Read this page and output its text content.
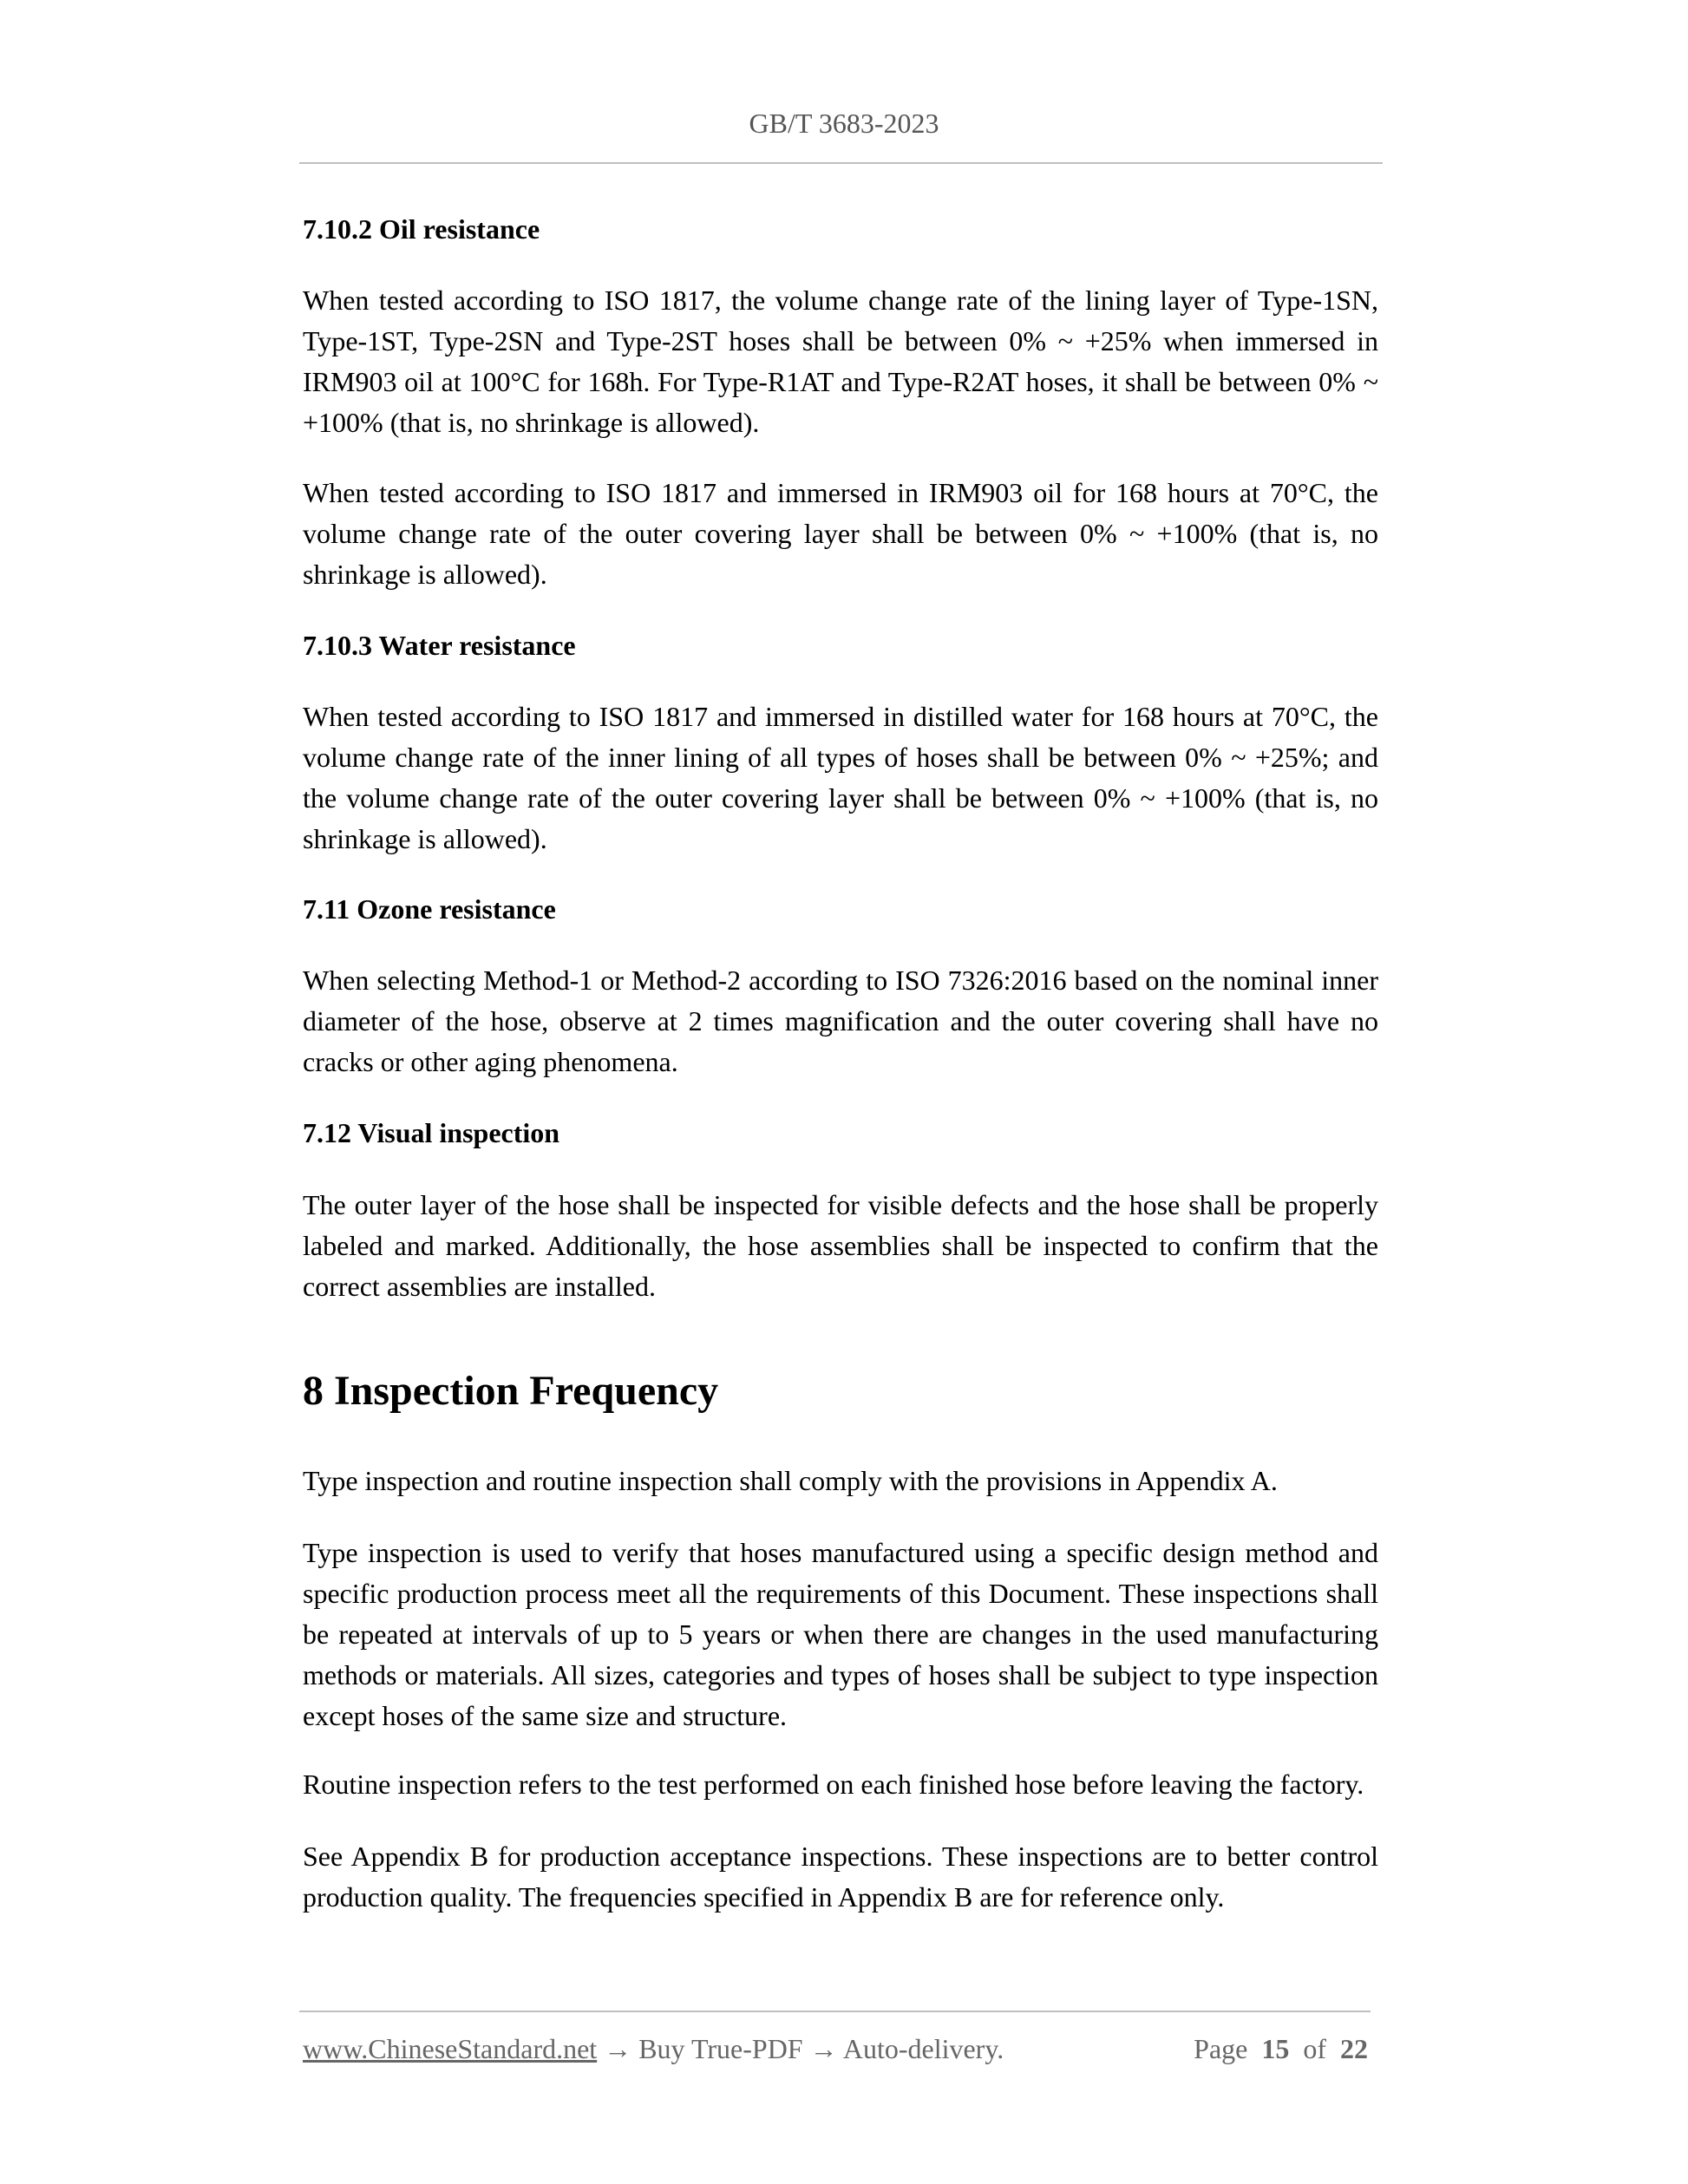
GB/T 3683-2023
7.10.2 Oil resistance

When tested according to ISO 1817, the volume change rate of the lining layer of Type-1SN, Type-1ST, Type-2SN and Type-2ST hoses shall be between 0% ~ +25% when immersed in IRM903 oil at 100°C for 168h. For Type-R1AT and Type-R2AT hoses, it shall be between 0% ~ +100% (that is, no shrinkage is allowed).

When tested according to ISO 1817 and immersed in IRM903 oil for 168 hours at 70°C, the volume change rate of the outer covering layer shall be between 0% ~ +100% (that is, no shrinkage is allowed).

7.10.3 Water resistance

When tested according to ISO 1817 and immersed in distilled water for 168 hours at 70°C, the volume change rate of the inner lining of all types of hoses shall be between 0% ~ +25%; and the volume change rate of the outer covering layer shall be between 0% ~ +100% (that is, no shrinkage is allowed).

7.11 Ozone resistance

When selecting Method-1 or Method-2 according to ISO 7326:2016 based on the nominal inner diameter of the hose, observe at 2 times magnification and the outer covering shall have no cracks or other aging phenomena.

7.12 Visual inspection

The outer layer of the hose shall be inspected for visible defects and the hose shall be properly labeled and marked. Additionally, the hose assemblies shall be inspected to confirm that the correct assemblies are installed.

8 Inspection Frequency

Type inspection and routine inspection shall comply with the provisions in Appendix A.

Type inspection is used to verify that hoses manufactured using a specific design method and specific production process meet all the requirements of this Document. These inspections shall be repeated at intervals of up to 5 years or when there are changes in the used manufacturing methods or materials. All sizes, categories and types of hoses shall be subject to type inspection except hoses of the same size and structure.

Routine inspection refers to the test performed on each finished hose before leaving the factory.

See Appendix B for production acceptance inspections. These inspections are to better control production quality. The frequencies specified in Appendix B are for reference only.

www.ChineseStandard.net → Buy True-PDF → Auto-delivery.	Page 15 of 22
